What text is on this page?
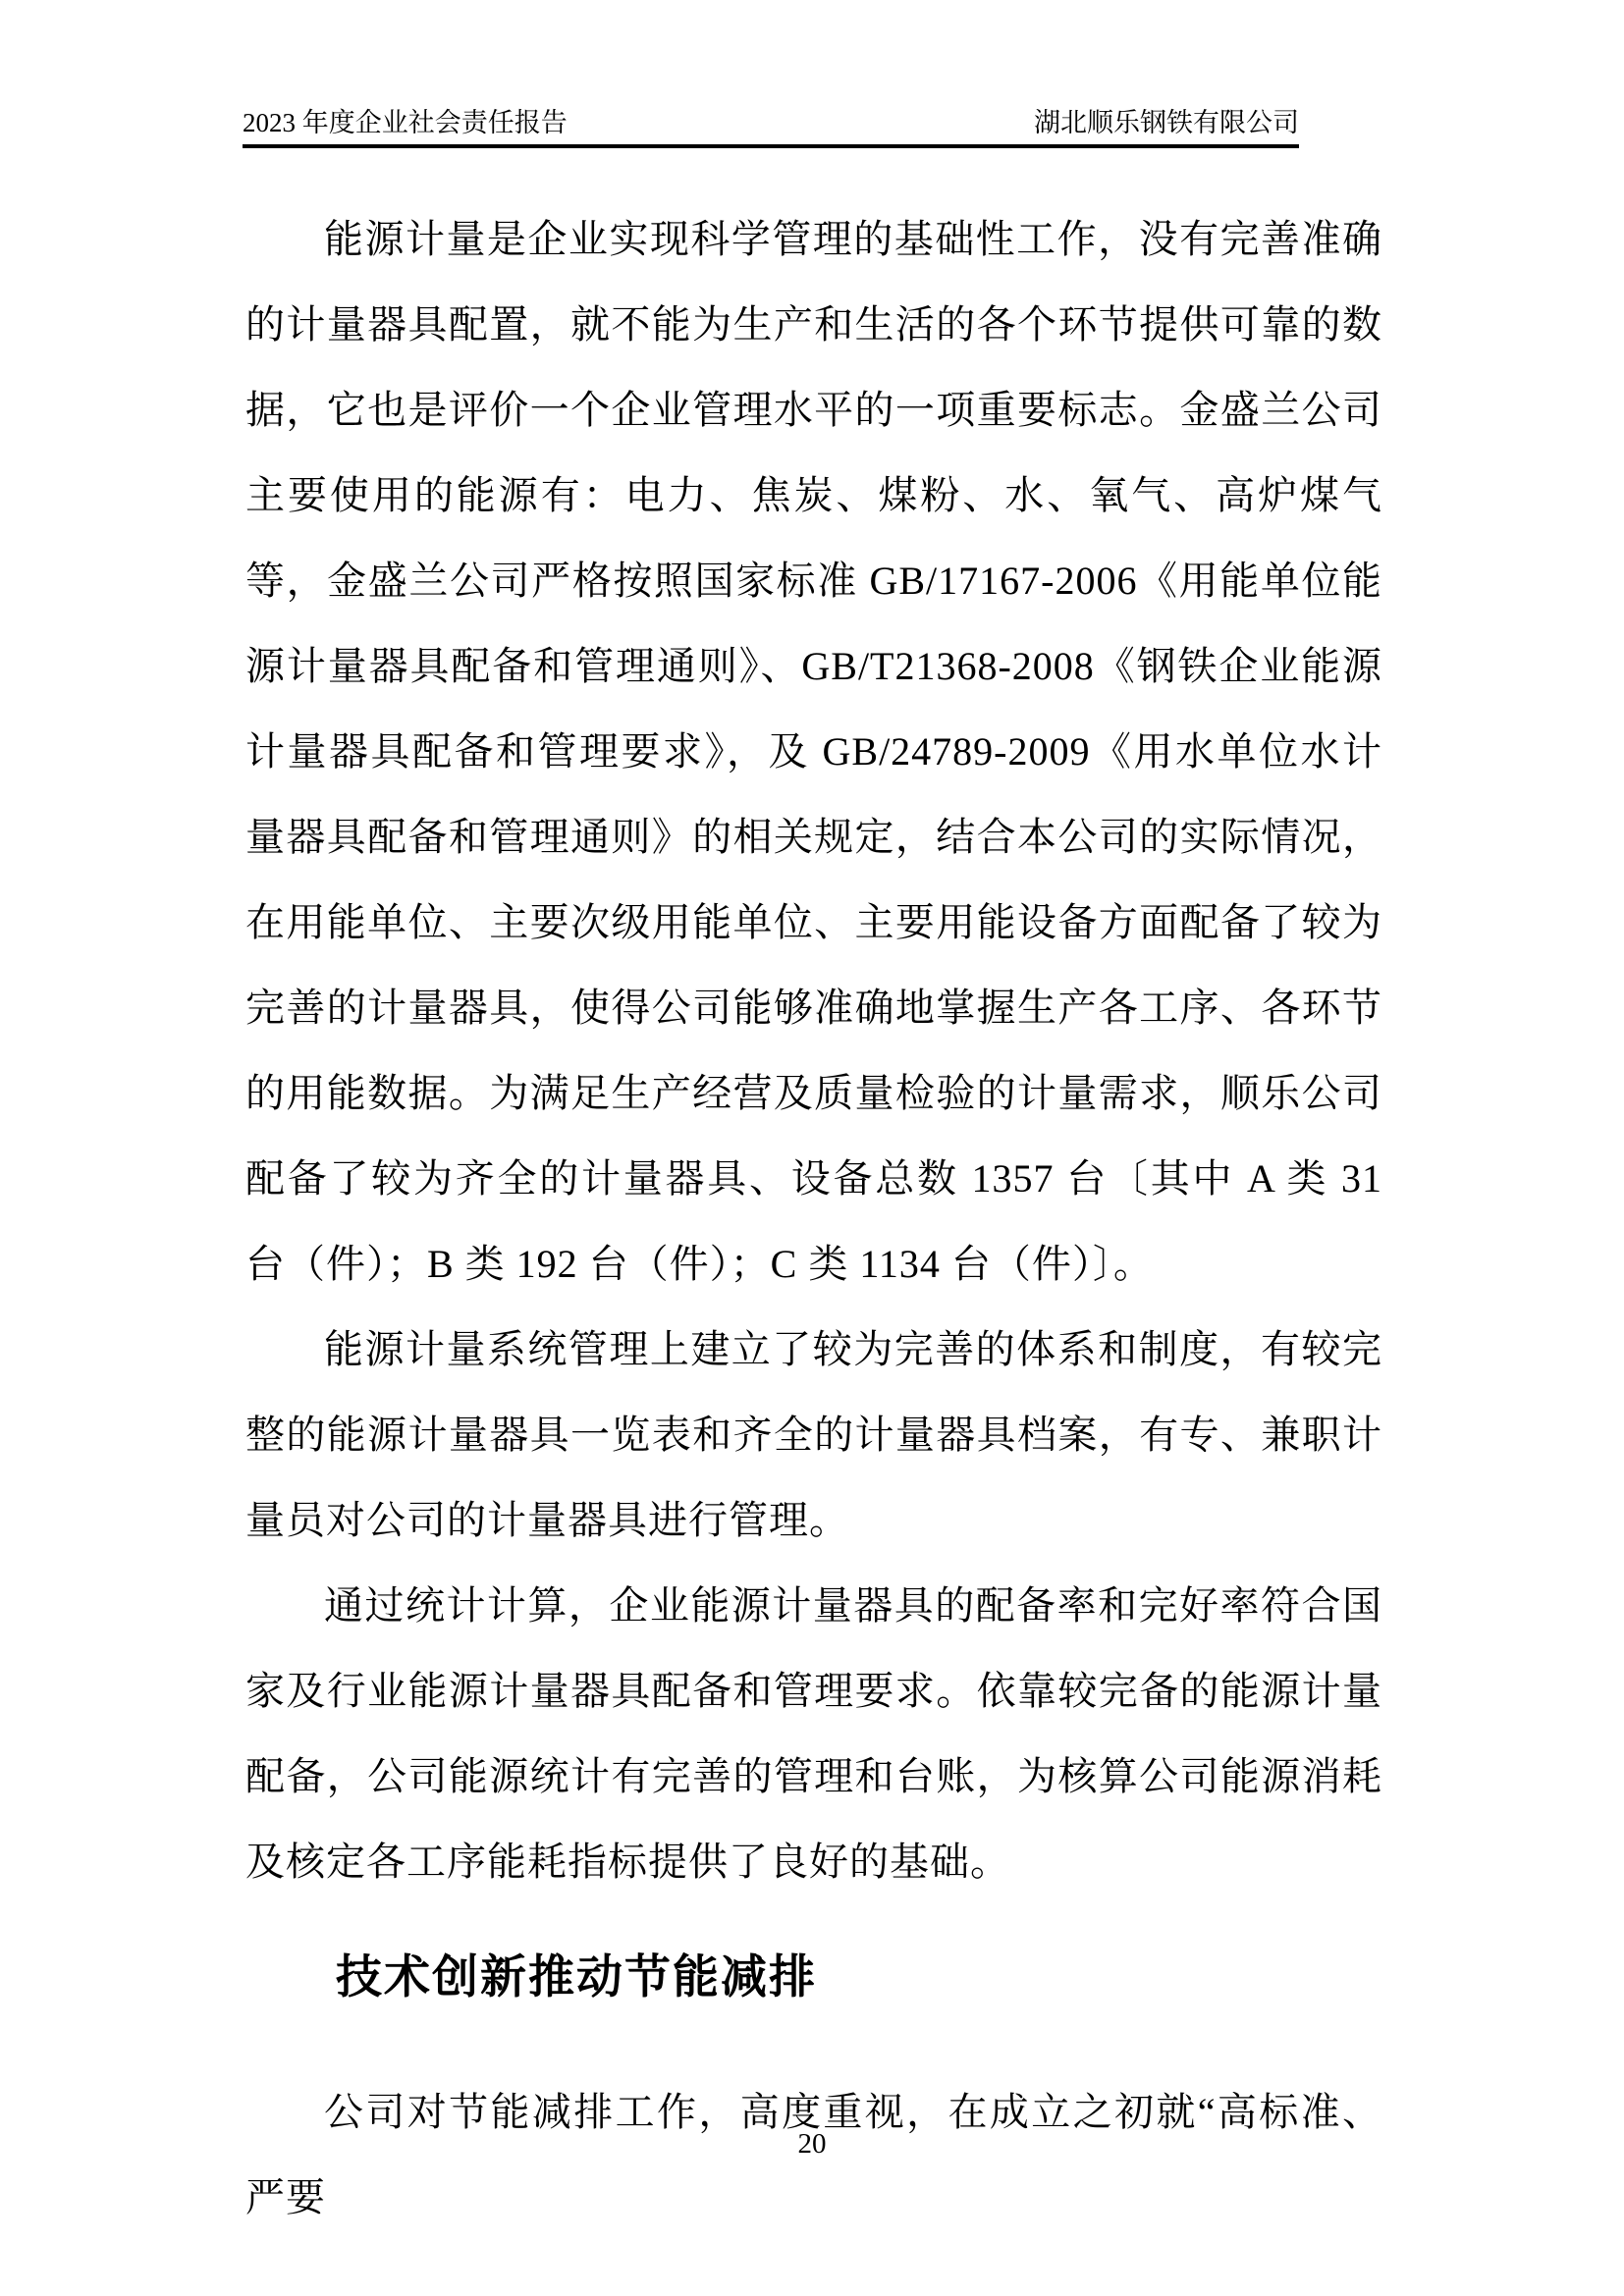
2023 年度企业社会责任报告	湖北顺乐钢铁有限公司

能源计量是企业实现科学管理的基础性工作，没有完善准确的计量器具配置，就不能为生产和生活的各个环节提供可靠的数据，它也是评价一个企业管理水平的一项重要标志。金盛兰公司主要使用的能源有：电力、焦炭、煤粉、水、氧气、高炉煤气等，金盛兰公司严格按照国家标准 GB/17167-2006《用能单位能源计量器具配备和管理通则》、GB/T21368-2008《钢铁企业能源计量器具配备和管理要求》，及 GB/24789-2009《用水单位水计量器具配备和管理通则》的相关规定，结合本公司的实际情况，在用能单位、主要次级用能单位、主要用能设备方面配备了较为完善的计量器具，使得公司能够准确地掌握生产各工序、各环节的用能数据。为满足生产经营及质量检验的计量需求，顺乐公司配备了较为齐全的计量器具、设备总数 1357 台〔其中 A 类 31 台（件）；B 类 192 台（件）；C 类 1134 台（件）〕。

能源计量系统管理上建立了较为完善的体系和制度，有较完整的能源计量器具一览表和齐全的计量器具档案，有专、兼职计量员对公司的计量器具进行管理。

通过统计计算，企业能源计量器具的配备率和完好率符合国家及行业能源计量器具配备和管理要求。依靠较完备的能源计量配备，公司能源统计有完善的管理和台账，为核算公司能源消耗及核定各工序能耗指标提供了良好的基础。

技术创新推动节能减排

公司对节能减排工作，高度重视，在成立之初就“高标准、严要

20
